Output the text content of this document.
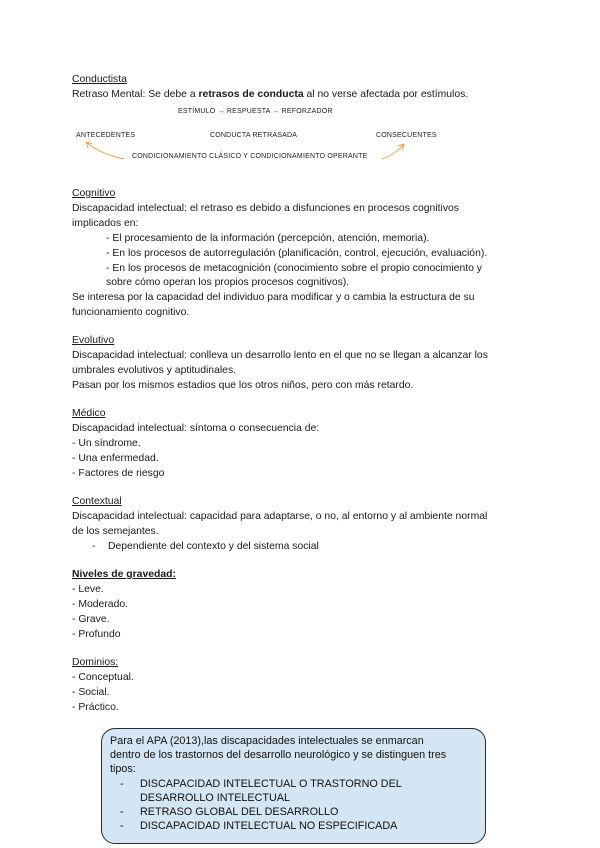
Conductista
Retraso Mental: Se debe a retrasos de conducta al no verse afectada por estímulos.
ESTÍMULO → RESPUESTA → REFORZADOR
ANTECEDENTES	CONDUCTA RETRASADA	CONSECUENTES
CONDICIONAMIENTO CLÁSICO Y CONDICIONAMIENTO OPERANTE
Cognitivo
Discapacidad intelectual: el retraso es debido a disfunciones en procesos cognitivos
implicados en:
- El procesamiento de la información (percepción, atención, memoria).
- En los procesos de autorregulación (planificación, control, ejecución, evaluación).
- En los procesos de metacognición (conocimiento sobre el propio conocimiento y
sobre cómo operan los propios procesos cognitivos).
Se interesa por la capacidad del individuo para modificar y o cambia la estructura de su
funcionamiento cognitivo.
Evolutivo
Discapacidad intelectual: conlleva un desarrollo lento en el que no se llegan a alcanzar los
umbrales evolutivos y aptitudinales.
Pasan por los mismos estadios que los otros niños, pero con más retardo.
Médico
Discapacidad intelectual: síntoma o consecuencia de:
- Un síndrome.
- Una enfermedad.
- Factores de riesgo
Contextual
Discapacidad intelectual: capacidad para adaptarse, o no, al entorno y al ambiente normal
de los semejantes.
- Dependiente del contexto y del sistema social
Niveles de gravedad:
- Leve.
- Moderado.
- Grave.
- Profundo
Dominios:
- Conceptual.
- Social.
- Práctico.
Para el APA (2013),las discapacidades intelectuales se enmarcan
dentro de los trastornos del desarrollo neurológico y se distinguen tres
tipos:
- DISCAPACIDAD INTELECTUAL O TRASTORNO DEL
DESARROLLO INTELECTUAL
- RETRASO GLOBAL DEL DESARROLLO
- DISCAPACIDAD INTELECTUAL NO ESPECIFICADA
